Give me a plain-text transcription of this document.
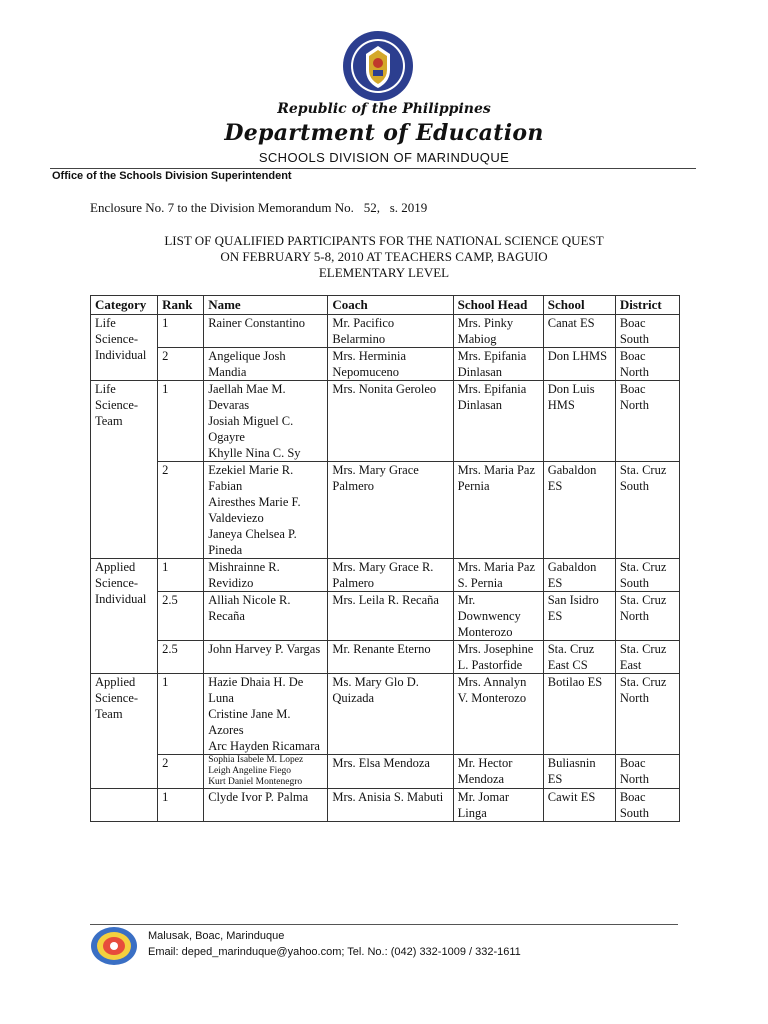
Republic of the Philippines
Department of Education
SCHOOLS DIVISION OF MARINDUQUE
Office of the Schools Division Superintendent
Enclosure No. 7 to the Division Memorandum No. 52, s. 2019
LIST OF QUALIFIED PARTICIPANTS FOR THE NATIONAL SCIENCE QUEST
ON FEBRUARY 5-8, 2010 AT TEACHERS CAMP, BAGUIO
ELEMENTARY LEVEL
Category	Rank	Name	Coach	School Head	School	District
Life Science-Individual	1	Rainer Constantino	Mr. Pacifico Belarmino	Mrs. Pinky Mabiog	Canat ES	Boac South
	2	Angelique Josh Mandia	Mrs. Herminia Nepomuceno	Mrs. Epifania Dinlasan	Don LHMS	Boac North
Life Science-Team	1	Jaellah Mae M. Devaras
Josiah Miguel C. Ogayre
Khylle Nina C. Sy	Mrs. Nonita Geroleo	Mrs. Epifania Dinlasan	Don Luis HMS	Boac North
	2	Ezekiel Marie R. Fabian
Airesthes Marie F. Valdeviezo
Janeya Chelsea P. Pineda	Mrs. Mary Grace Palmero	Mrs. Maria Paz Pernia	Gabaldon ES	Sta. Cruz South
Applied Science-Individual	1	Mishrainne R. Revidizo	Mrs. Mary Grace R. Palmero	Mrs. Maria Paz S. Pernia	Gabaldon ES	Sta. Cruz South
	2.5	Alliah Nicole R. Recaña	Mrs. Leila R. Recaña	Mr. Downwency Monterozo	San Isidro ES	Sta. Cruz North
	2.5	John Harvey P. Vargas	Mr. Renante Eterno	Mrs. Josephine L. Pastorfide	Sta. Cruz East CS	Sta. Cruz East
Applied Science-Team	1	Hazie Dhaia H. De Luna
Cristine Jane M. Azores
Arc Hayden Ricamara	Ms. Mary Glo D. Quizada	Mrs. Annalyn V. Monterozo	Botilao ES	Sta. Cruz North
	2	Sophia Isabele M. Lopez
Leigh Angeline Fiego
Kurt Daniel Montenegro	Mrs. Elsa Mendoza	Mr. Hector Mendoza	Buliasnin ES	Boac North
	1	Clyde Ivor P. Palma	Mrs. Anisia S. Mabuti	Mr. Jomar Linga	Cawit ES	Boac South
Malusak, Boac, Marinduque
Email: deped_marinduque@yahoo.com; Tel. No.: (042) 332-1009 / 332-1611
